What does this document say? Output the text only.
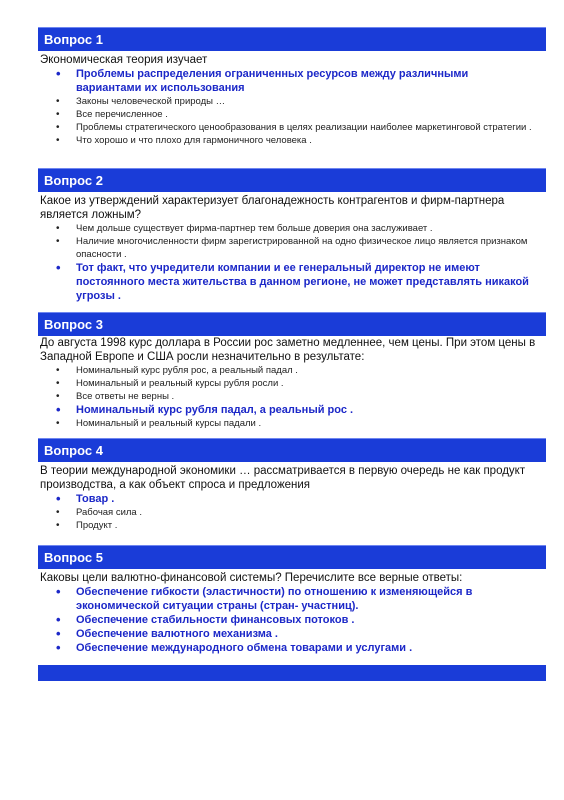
Вопрос 1
Экономическая теория изучает
• Проблемы распределения ограниченных ресурсов между различными вариантами их использования
• Законы человеческой природы …
• Все перечисленное .
• Проблемы стратегического ценообразования в целях реализации наиболее маркетинговой стратегии .
• Что хорошо и что плохо для гармоничного человека .
Вопрос 2
Какое из утверждений характеризует благонадежность контрагентов и фирм-партнера является ложным?
• Чем дольше существует фирма-партнер тем больше доверия она заслуживает .
• Наличие многочисленности фирм зарегистрированной на одно физическое лицо является признаком опасности .
• Тот факт, что учредители компании и ее генеральный директор не имеют постоянного места жительства в данном регионе, не может представлять никакой угрозы .
Вопрос 3
До августа 1998 курс доллара в России рос заметно медленнее, чем цены. При этом цены в Западной Европе и США росли незначительно в результате:
• Номинальный курс рубля рос, а реальный падал .
• Номинальный и реальный курсы рубля росли .
• Все ответы не верны .
• Номинальный курс рубля падал, а реальный рос .
• Номинальный и реальный курсы падали .
Вопрос 4
В теории международной экономики … рассматривается в первую очередь не как продукт производства, а как объект спроса и предложения
• Товар .
• Рабочая сила .
• Продукт .
Вопрос 5
Каковы цели валютно-финансовой системы? Перечислите все верные ответы:
• Обеспечение гибкости (эластичности) по отношению к изменяющейся в экономической ситуации страны (стран- участниц).
• Обеспечение стабильности финансовых потоков .
• Обеспечение валютного механизма .
• Обеспечение международного обмена товарами и услугами .
